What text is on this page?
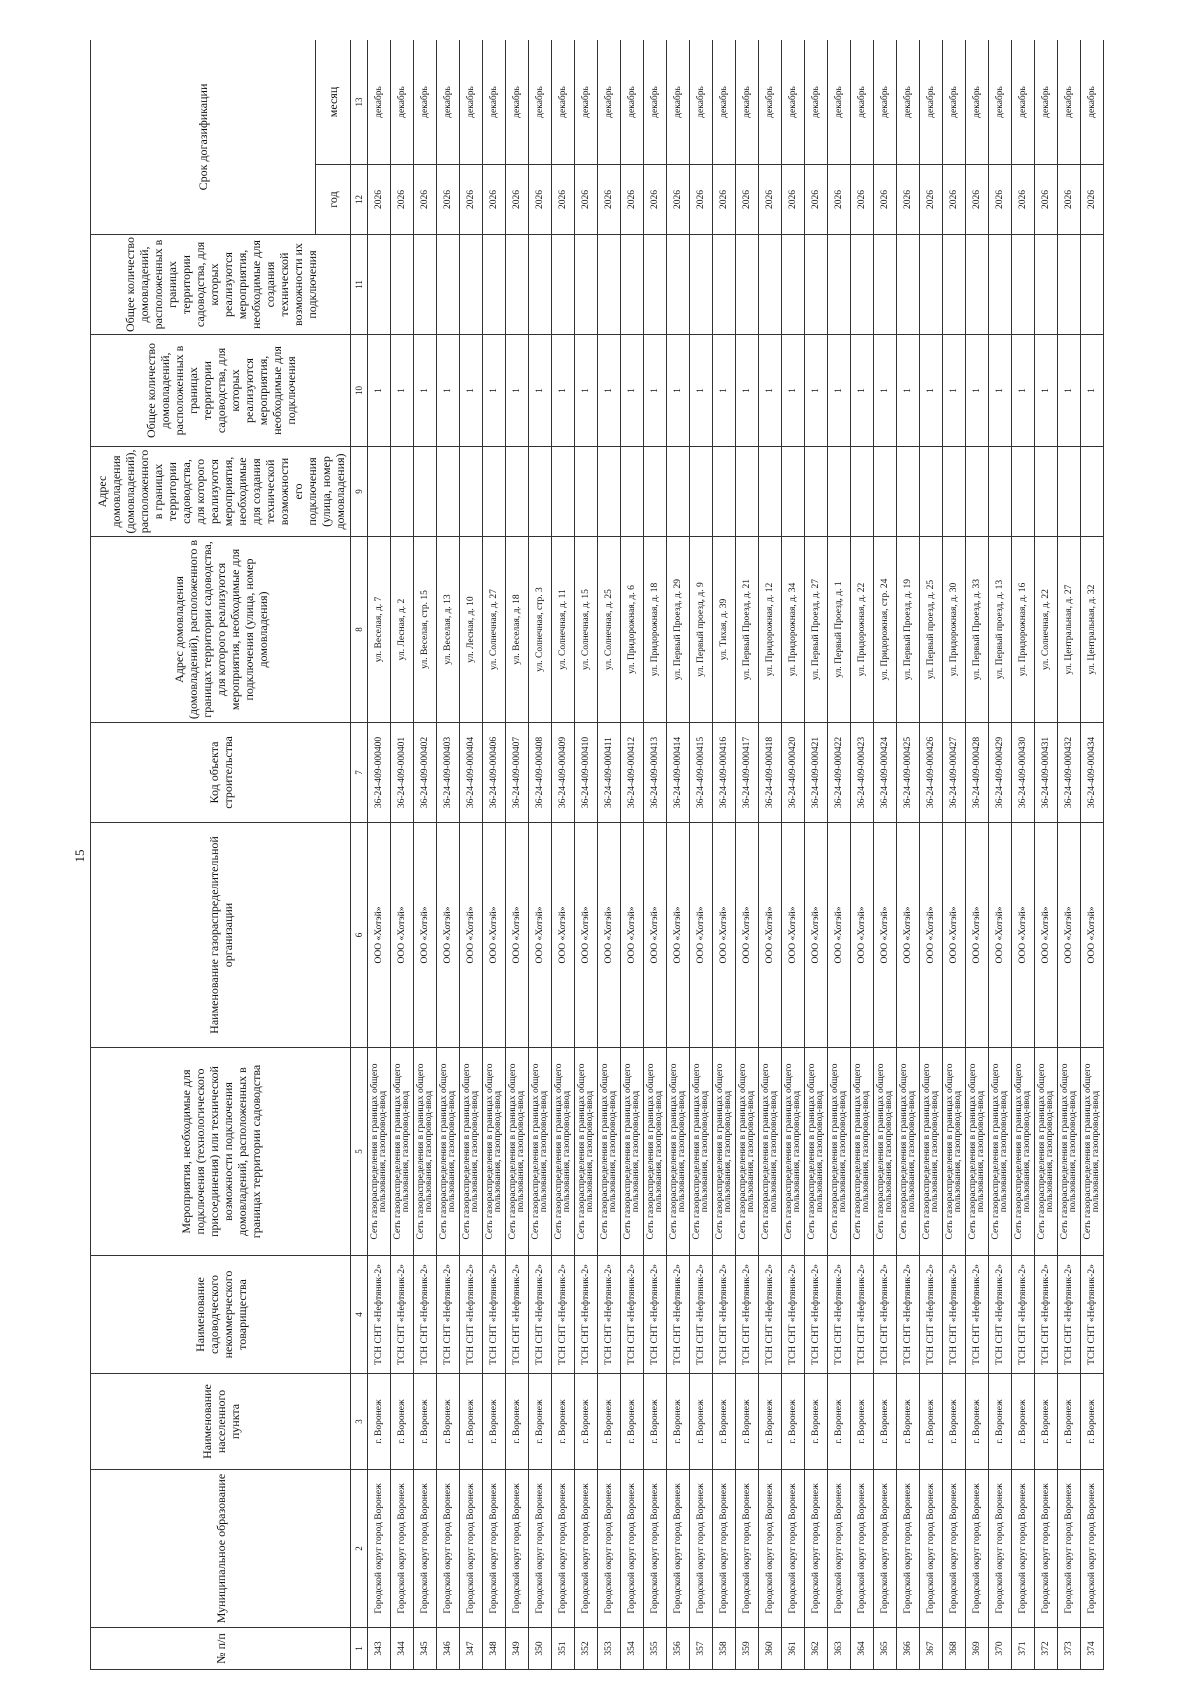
15
№ п/п	Муниципальное образование	Наименование населенного пункта	Наименование садоводческого некоммерческого товарищества	Мероприятия, необходимые для подключения (технологического присоединения) или технической возможности подключения домовладений, расположенных в границах территории садоводства	Наименование газораспределительной организации	Код объекта строительства	Адрес домовладения (домовладений), расположенного в границах территории садоводства, для которого реализуются мероприятия, необходимые для подключения (улица, номер домовладения)	Адрес домовладения (домовладений), расположенного в границах территории садоводства, для которого реализуются мероприятия, необходимые для создания технической возможности его подключения (улица, номер домовладения)	Общее количество домовладений, расположенных в границах территории садоводства, для которых реализуются мероприятия, необходимые для подключения	Общее количество домовладений, расположенных в границах территории садоводства, для которых реализуются мероприятия, необходимые для создания технической возможности их подключения	Срок догазификации	
											год	месяц
1	2	3	4	5	6	7	8	9	10	11	12	13
343	Городской округ город Воронеж	г. Воронеж	ТСН СНТ «Нефтяник-2»	Сеть газораспределения в границах общего пользования, газопровод-ввод	ООО «Хотэй»	36-24-409-000400	ул. Веселая, д. 7		1		2026	декабрь
344	Городской округ город Воронеж	г. Воронеж	ТСН СНТ «Нефтяник-2»	Сеть газораспределения в границах общего пользования, газопровод-ввод	ООО «Хотэй»	36-24-409-000401	ул. Лесная, д. 2		1		2026	декабрь
345	Городской округ город Воронеж	г. Воронеж	ТСН СНТ «Нефтяник-2»	Сеть газораспределения в границах общего пользования, газопровод-ввод	ООО «Хотэй»	36-24-409-000402	ул. Веселая, стр. 15		1		2026	декабрь
346	Городской округ город Воронеж	г. Воронеж	ТСН СНТ «Нефтяник-2»	Сеть газораспределения в границах общего пользования, газопровод-ввод	ООО «Хотэй»	36-24-409-000403	ул. Веселая, д. 13		1		2026	декабрь
347	Городской округ город Воронеж	г. Воронеж	ТСН СНТ «Нефтяник-2»	Сеть газораспределения в границах общего пользования, газопровод-ввод	ООО «Хотэй»	36-24-409-000404	ул. Лесная, д. 10		1		2026	декабрь
348	Городской округ город Воронеж	г. Воронеж	ТСН СНТ «Нефтяник-2»	Сеть газораспределения в границах общего пользования, газопровод-ввод	ООО «Хотэй»	36-24-409-000406	ул. Солнечная, д. 27		1		2026	декабрь
349	Городской округ город Воронеж	г. Воронеж	ТСН СНТ «Нефтяник-2»	Сеть газораспределения в границах общего пользования, газопровод-ввод	ООО «Хотэй»	36-24-409-000407	ул. Веселая, д. 18		1		2026	декабрь
350	Городской округ город Воронеж	г. Воронеж	ТСН СНТ «Нефтяник-2»	Сеть газораспределения в границах общего пользования, газопровод-ввод	ООО «Хотэй»	36-24-409-000408	ул. Солнечная, стр. 3		1		2026	декабрь
351	Городской округ город Воронеж	г. Воронеж	ТСН СНТ «Нефтяник-2»	Сеть газораспределения в границах общего пользования, газопровод-ввод	ООО «Хотэй»	36-24-409-000409	ул. Солнечная, д. 11		1		2026	декабрь
352	Городской округ город Воронеж	г. Воронеж	ТСН СНТ «Нефтяник-2»	Сеть газораспределения в границах общего пользования, газопровод-ввод	ООО «Хотэй»	36-24-409-000410	ул. Солнечная, д. 15		1		2026	декабрь
353	Городской округ город Воронеж	г. Воронеж	ТСН СНТ «Нефтяник-2»	Сеть газораспределения в границах общего пользования, газопровод-ввод	ООО «Хотэй»	36-24-409-000411	ул. Солнечная, д. 25		1		2026	декабрь
354	Городской округ город Воронеж	г. Воронеж	ТСН СНТ «Нефтяник-2»	Сеть газораспределения в границах общего пользования, газопровод-ввод	ООО «Хотэй»	36-24-409-000412	ул. Придорожная, д. 6		1		2026	декабрь
355	Городской округ город Воронеж	г. Воронеж	ТСН СНТ «Нефтяник-2»	Сеть газораспределения в границах общего пользования, газопровод-ввод	ООО «Хотэй»	36-24-409-000413	ул. Придорожная, д. 18		1		2026	декабрь
356	Городской округ город Воронеж	г. Воронеж	ТСН СНТ «Нефтяник-2»	Сеть газораспределения в границах общего пользования, газопровод-ввод	ООО «Хотэй»	36-24-409-000414	ул. Первый Проезд, д. 29		1		2026	декабрь
357	Городской округ город Воронеж	г. Воронеж	ТСН СНТ «Нефтяник-2»	Сеть газораспределения в границах общего пользования, газопровод-ввод	ООО «Хотэй»	36-24-409-000415	ул. Первый проезд, д. 9		1		2026	декабрь
358	Городской округ город Воронеж	г. Воронеж	ТСН СНТ «Нефтяник-2»	Сеть газораспределения в границах общего пользования, газопровод-ввод	ООО «Хотэй»	36-24-409-000416	ул. Тихая, д. 39		1		2026	декабрь
359	Городской округ город Воронеж	г. Воронеж	ТСН СНТ «Нефтяник-2»	Сеть газораспределения в границах общего пользования, газопровод-ввод	ООО «Хотэй»	36-24-409-000417	ул. Первый Проезд, д. 21		1		2026	декабрь
360	Городской округ город Воронеж	г. Воронеж	ТСН СНТ «Нефтяник-2»	Сеть газораспределения в границах общего пользования, газопровод-ввод	ООО «Хотэй»	36-24-409-000418	ул. Придорожная, д. 12		1		2026	декабрь
361	Городской округ город Воронеж	г. Воронеж	ТСН СНТ «Нефтяник-2»	Сеть газораспределения в границах общего пользования, газопровод-ввод	ООО «Хотэй»	36-24-409-000420	ул. Придорожная, д. 34		1		2026	декабрь
362	Городской округ город Воронеж	г. Воронеж	ТСН СНТ «Нефтяник-2»	Сеть газораспределения в границах общего пользования, газопровод-ввод	ООО «Хотэй»	36-24-409-000421	ул. Первый Проезд, д. 27		1		2026	декабрь
363	Городской округ город Воронеж	г. Воронеж	ТСН СНТ «Нефтяник-2»	Сеть газораспределения в границах общего пользования, газопровод-ввод	ООО «Хотэй»	36-24-409-000422	ул. Первый Проезд, д. 1		1		2026	декабрь
364	Городской округ город Воронеж	г. Воронеж	ТСН СНТ «Нефтяник-2»	Сеть газораспределения в границах общего пользования, газопровод-ввод	ООО «Хотэй»	36-24-409-000423	ул. Придорожная, д. 22		1		2026	декабрь
365	Городской округ город Воронеж	г. Воронеж	ТСН СНТ «Нефтяник-2»	Сеть газораспределения в границах общего пользования, газопровод-ввод	ООО «Хотэй»	36-24-409-000424	ул. Придорожная, стр. 24		1		2026	декабрь
366	Городской округ город Воронеж	г. Воронеж	ТСН СНТ «Нефтяник-2»	Сеть газораспределения в границах общего пользования, газопровод-ввод	ООО «Хотэй»	36-24-409-000425	ул. Первый Проезд, д. 19		1		2026	декабрь
367	Городской округ город Воронеж	г. Воронеж	ТСН СНТ «Нефтяник-2»	Сеть газораспределения в границах общего пользования, газопровод-ввод	ООО «Хотэй»	36-24-409-000426	ул. Первый проезд, д. 25		1		2026	декабрь
368	Городской округ город Воронеж	г. Воронеж	ТСН СНТ «Нефтяник-2»	Сеть газораспределения в границах общего пользования, газопровод-ввод	ООО «Хотэй»	36-24-409-000427	ул. Придорожная, д. 30		1		2026	декабрь
369	Городской округ город Воронеж	г. Воронеж	ТСН СНТ «Нефтяник-2»	Сеть газораспределения в границах общего пользования, газопровод-ввод	ООО «Хотэй»	36-24-409-000428	ул. Первый Проезд, д. 33		1		2026	декабрь
370	Городской округ город Воронеж	г. Воронеж	ТСН СНТ «Нефтяник-2»	Сеть газораспределения в границах общего пользования, газопровод-ввод	ООО «Хотэй»	36-24-409-000429	ул. Первый проезд, д. 13		1		2026	декабрь
371	Городской округ город Воронеж	г. Воронеж	ТСН СНТ «Нефтяник-2»	Сеть газораспределения в границах общего пользования, газопровод-ввод	ООО «Хотэй»	36-24-409-000430	ул. Придорожная, д. 16		1		2026	декабрь
372	Городской округ город Воронеж	г. Воронеж	ТСН СНТ «Нефтяник-2»	Сеть газораспределения в границах общего пользования, газопровод-ввод	ООО «Хотэй»	36-24-409-000431	ул. Солнечная, д. 22		1		2026	декабрь
373	Городской округ город Воронеж	г. Воронеж	ТСН СНТ «Нефтяник-2»	Сеть газораспределения в границах общего пользования, газопровод-ввод	ООО «Хотэй»	36-24-409-000432	ул. Центральная, д. 27		1		2026	декабрь
374	Городской округ город Воронеж	г. Воронеж	ТСН СНТ «Нефтяник-2»	Сеть газораспределения в границах общего пользования, газопровод-ввод	ООО «Хотэй»	36-24-409-000434	ул. Центральная, д. 32		1		2026	декабрь
